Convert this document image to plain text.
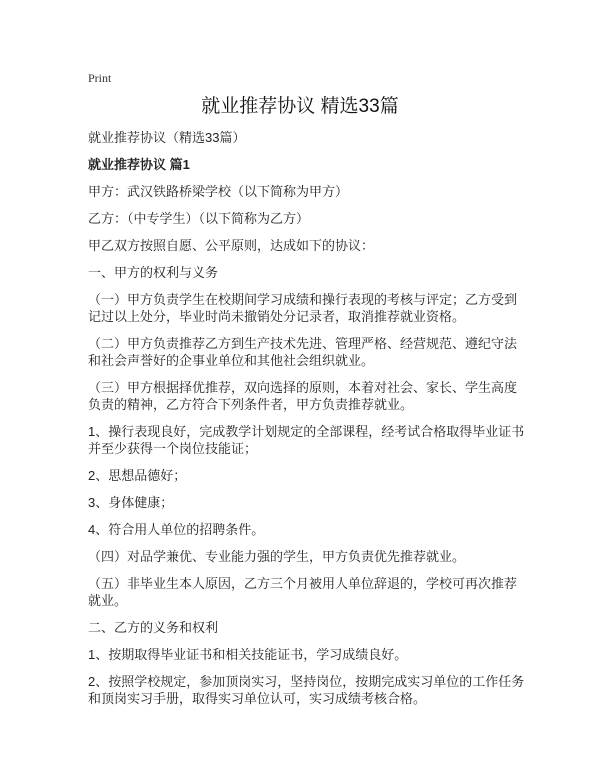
Print
就业推荐协议 精选33篇

就业推荐协议（精选33篇）

就业推荐协议 篇1

甲方：武汉铁路桥梁学校（以下简称为甲方）

乙方：（中专学生）（以下简称为乙方）

甲乙双方按照自愿、公平原则，达成如下的协议：

一、甲方的权利与义务

（一）甲方负责学生在校期间学习成绩和操行表现的考核与评定；乙方受到记过以上处分，毕业时尚未撤销处分记录者，取消推荐就业资格。

（二）甲方负责推荐乙方到生产技术先进、管理严格、经营规范、遵纪守法和社会声誉好的企事业单位和其他社会组织就业。

（三）甲方根据择优推荐，双向选择的原则，本着对社会、家长、学生高度负责的精神，乙方符合下列条件者，甲方负责推荐就业。

1、操行表现良好，完成教学计划规定的全部课程，经考试合格取得毕业证书并至少获得一个岗位技能证；

2、思想品德好；

3、身体健康；

4、符合用人单位的招聘条件。

（四）对品学兼优、专业能力强的学生，甲方负责优先推荐就业。

（五）非毕业生本人原因，乙方三个月被用人单位辞退的，学校可再次推荐就业。

二、乙方的义务和权利

1、按期取得毕业证书和相关技能证书，学习成绩良好。

2、按照学校规定，参加顶岗实习，坚持岗位，按期完成实习单位的工作任务和顶岗实习手册，取得实习单位认可，实习成绩考核合格。
